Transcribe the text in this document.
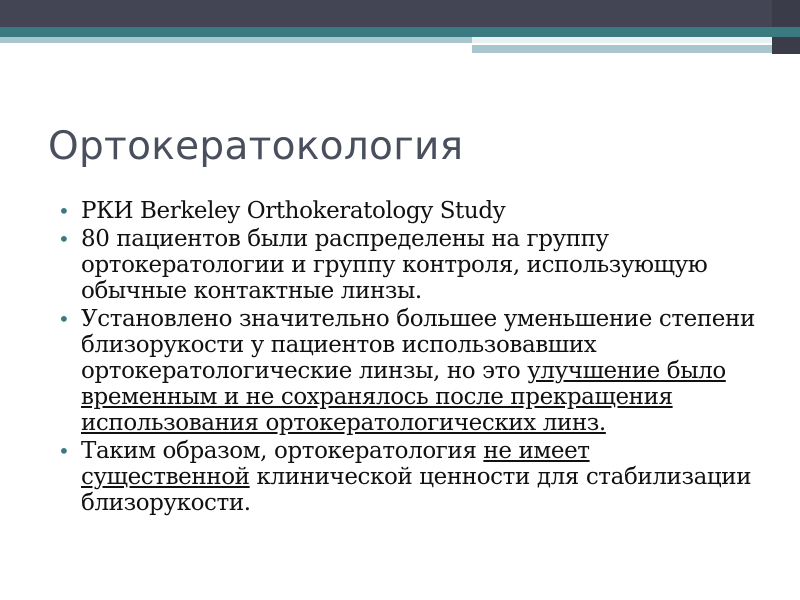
Ортокератокология
• РКИ Berkeley Orthokeratology Study
• 80 пациентов были распределены на группу ортокератологии и группу контроля, использующую обычные контактные линзы.
• Установлено значительно большее уменьшение степени близорукости у пациентов использовавших ортокератологические линзы, но это улучшение было временным и не сохранялось после прекращения использования ортокератологических линз.
• Таким образом, ортокератология не имеет существенной клинической ценности для стабилизации близорукости.
